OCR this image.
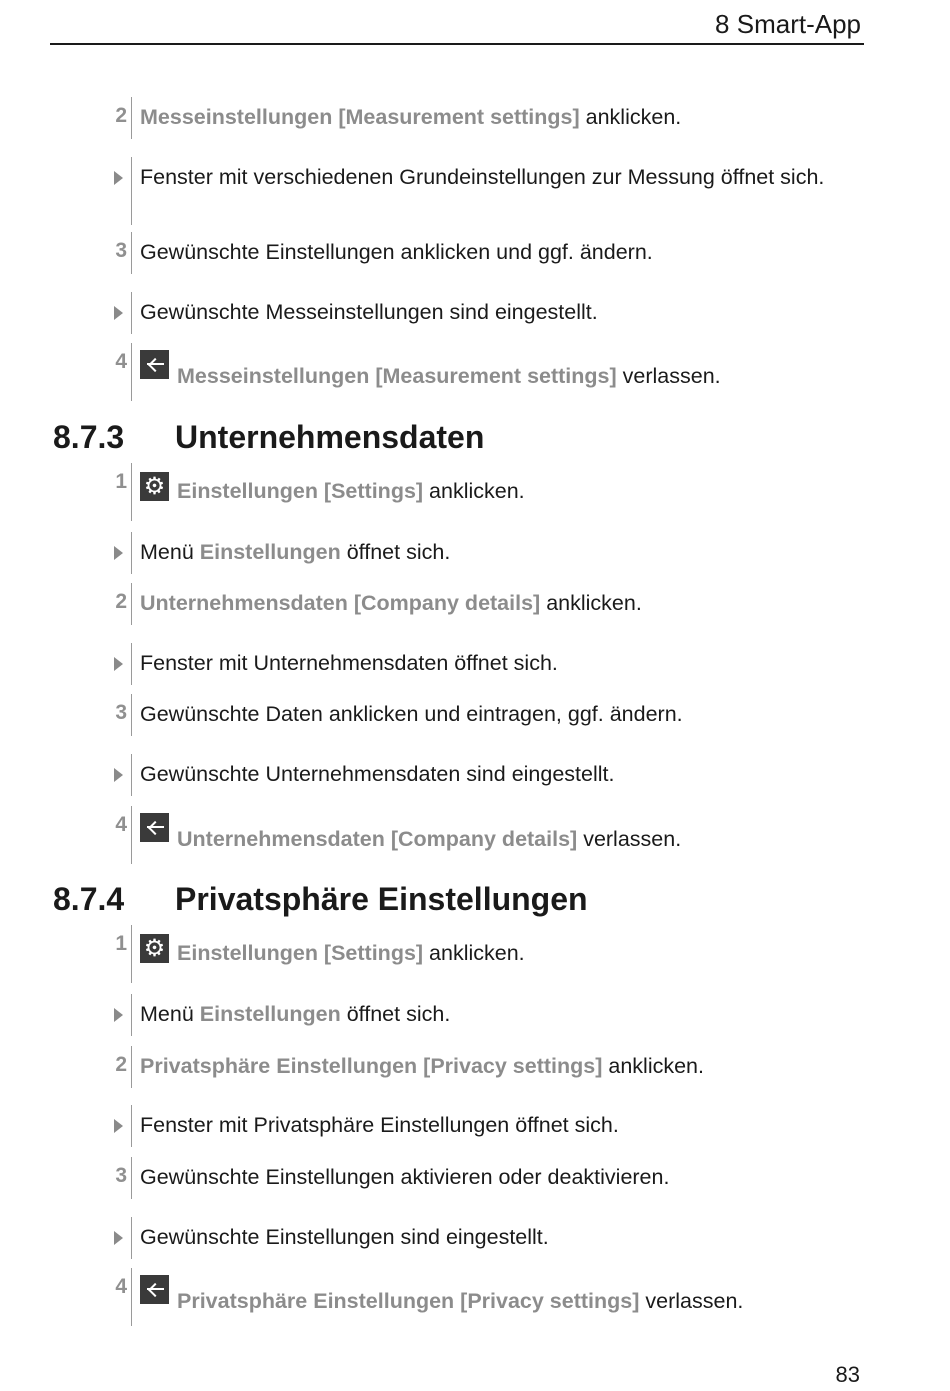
8 Smart-App
2 Messeinstellungen [Measurement settings] anklicken.
Fenster mit verschiedenen Grundeinstellungen zur Messung öffnet sich.
3 Gewünschte Einstellungen anklicken und ggf. ändern.
Gewünschte Messeinstellungen sind eingestellt.
4
Messeinstellungen [Measurement settings] verlassen.
8.7.3 Unternehmensdaten
1 ⚙ Einstellungen [Settings] anklicken.
Menü Einstellungen öffnet sich.
2 Unternehmensdaten [Company details] anklicken.
Fenster mit Unternehmensdaten öffnet sich.
3 Gewünschte Daten anklicken und eintragen, ggf. ändern.
Gewünschte Unternehmensdaten sind eingestellt.
4
Unternehmensdaten [Company details] verlassen.
8.7.4 Privatsphäre Einstellungen
1 ⚙ Einstellungen [Settings] anklicken.
Menü Einstellungen öffnet sich.
2 Privatsphäre Einstellungen [Privacy settings] anklicken.
Fenster mit Privatsphäre Einstellungen öffnet sich.
3 Gewünschte Einstellungen aktivieren oder deaktivieren.
Gewünschte Einstellungen sind eingestellt.
4
Privatsphäre Einstellungen [Privacy settings] verlassen.
83
